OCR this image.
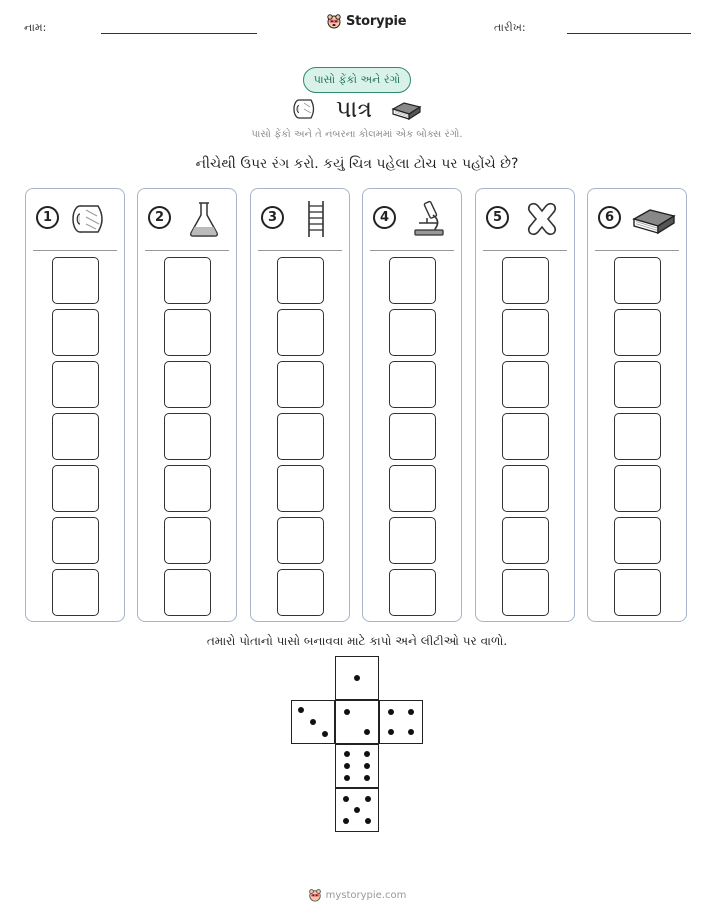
નામ:	Storypie	તારીખ:
પાસો ફેંકો અને રંગો
પાત્ર
પાસો ફેંકો અને તે નંબરના કોલમમાં એક બોક્સ રંગો.
નીચેથી ઉપર રંગ કરો. કયું ચિત્ર પહેલા ટોચ પર પહોંચે છે?
1	2	3	4	5	6
તમારો પોતાનો પાસો બનાવવા માટે કાપો અને લીટીઓ પર વાળો.
mystorypie.com
